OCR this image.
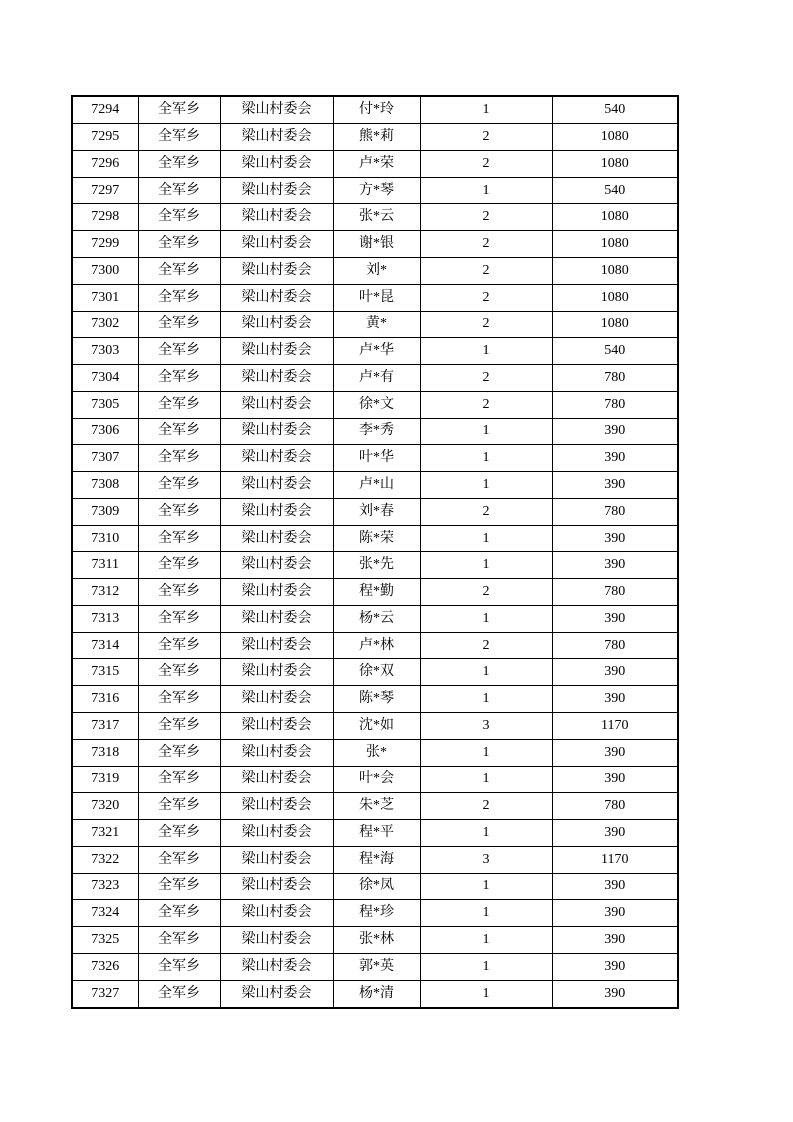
7294	全军乡	梁山村委会	付*玲	1	540
7295	全军乡	梁山村委会	熊*莉	2	1080
7296	全军乡	梁山村委会	卢*荣	2	1080
7297	全军乡	梁山村委会	方*琴	1	540
7298	全军乡	梁山村委会	张*云	2	1080
7299	全军乡	梁山村委会	谢*银	2	1080
7300	全军乡	梁山村委会	刘*	2	1080
7301	全军乡	梁山村委会	叶*昆	2	1080
7302	全军乡	梁山村委会	黄*	2	1080
7303	全军乡	梁山村委会	卢*华	1	540
7304	全军乡	梁山村委会	卢*有	2	780
7305	全军乡	梁山村委会	徐*文	2	780
7306	全军乡	梁山村委会	李*秀	1	390
7307	全军乡	梁山村委会	叶*华	1	390
7308	全军乡	梁山村委会	卢*山	1	390
7309	全军乡	梁山村委会	刘*春	2	780
7310	全军乡	梁山村委会	陈*荣	1	390
7311	全军乡	梁山村委会	张*先	1	390
7312	全军乡	梁山村委会	程*勤	2	780
7313	全军乡	梁山村委会	杨*云	1	390
7314	全军乡	梁山村委会	卢*林	2	780
7315	全军乡	梁山村委会	徐*双	1	390
7316	全军乡	梁山村委会	陈*琴	1	390
7317	全军乡	梁山村委会	沈*如	3	1170
7318	全军乡	梁山村委会	张*	1	390
7319	全军乡	梁山村委会	叶*会	1	390
7320	全军乡	梁山村委会	朱*芝	2	780
7321	全军乡	梁山村委会	程*平	1	390
7322	全军乡	梁山村委会	程*海	3	1170
7323	全军乡	梁山村委会	徐*凤	1	390
7324	全军乡	梁山村委会	程*珍	1	390
7325	全军乡	梁山村委会	张*林	1	390
7326	全军乡	梁山村委会	郭*英	1	390
7327	全军乡	梁山村委会	杨*清	1	390
